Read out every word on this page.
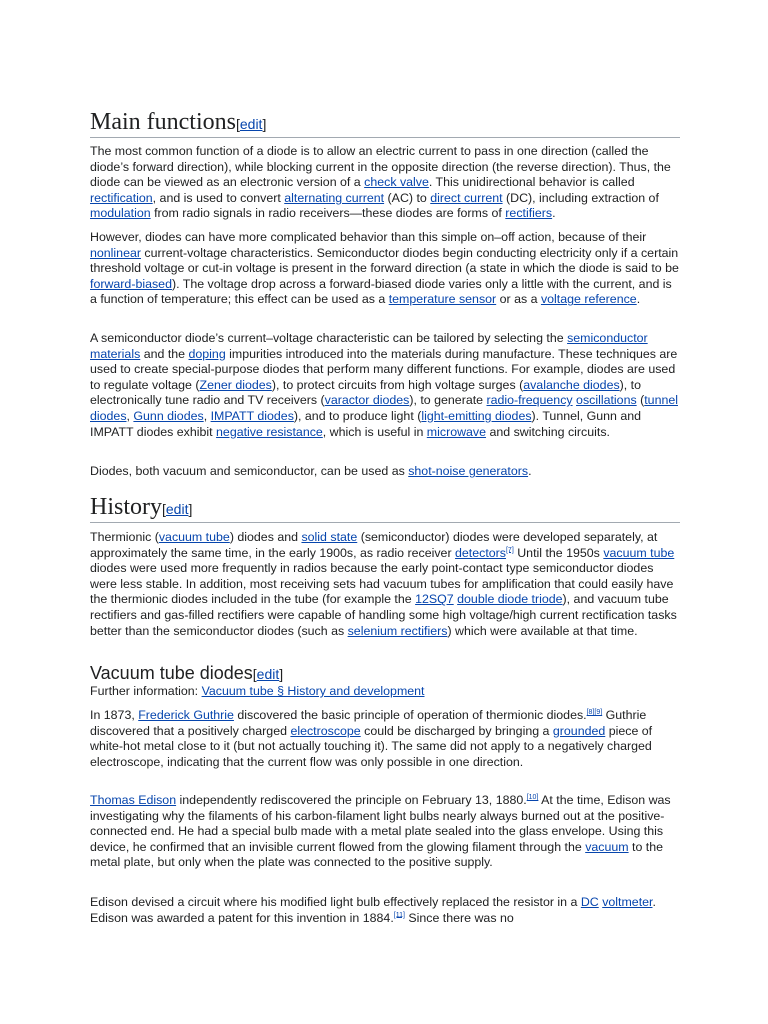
Main functions[edit]

The most common function of a diode is to allow an electric current to pass in one direction (called the diode’s forward direction), while blocking current in the opposite direction (the reverse direction). Thus, the diode can be viewed as an electronic version of a check valve. This unidirectional behavior is called rectification, and is used to convert alternating current (AC) to direct current (DC), including extraction of modulation from radio signals in radio receivers—these diodes are forms of rectifiers.

However, diodes can have more complicated behavior than this simple on–off action, because of their nonlinear current-voltage characteristics. Semiconductor diodes begin conducting electricity only if a certain threshold voltage or cut-in voltage is present in the forward direction (a state in which the diode is said to be forward-biased). The voltage drop across a forward-biased diode varies only a little with the current, and is a function of temperature; this effect can be used as a temperature sensor or as a voltage reference.

A semiconductor diode’s current–voltage characteristic can be tailored by selecting the semiconductor materials and the doping impurities introduced into the materials during manufacture. These techniques are used to create special-purpose diodes that perform many different functions. For example, diodes are used to regulate voltage (Zener diodes), to protect circuits from high voltage surges (avalanche diodes), to electronically tune radio and TV receivers (varactor diodes), to generate radio-frequency oscillations (tunnel diodes, Gunn diodes, IMPATT diodes), and to produce light (light-emitting diodes). Tunnel, Gunn and IMPATT diodes exhibit negative resistance, which is useful in microwave and switching circuits.

Diodes, both vacuum and semiconductor, can be used as shot-noise generators.

History[edit]

Thermionic (vacuum tube) diodes and solid state (semiconductor) diodes were developed separately, at approximately the same time, in the early 1900s, as radio receiver detectors[7] Until the 1950s vacuum tube diodes were used more frequently in radios because the early point-contact type semiconductor diodes were less stable. In addition, most receiving sets had vacuum tubes for amplification that could easily have the thermionic diodes included in the tube (for example the 12SQ7 double diode triode), and vacuum tube rectifiers and gas-filled rectifiers were capable of handling some high voltage/high current rectification tasks better than the semiconductor diodes (such as selenium rectifiers) which were available at that time.

Vacuum tube diodes[edit]
Further information: Vacuum tube § History and development

In 1873, Frederick Guthrie discovered the basic principle of operation of thermionic diodes.[8][9] Guthrie discovered that a positively charged electroscope could be discharged by bringing a grounded piece of white-hot metal close to it (but not actually touching it). The same did not apply to a negatively charged electroscope, indicating that the current flow was only possible in one direction.

Thomas Edison independently rediscovered the principle on February 13, 1880.[10] At the time, Edison was investigating why the filaments of his carbon-filament light bulbs nearly always burned out at the positive-connected end. He had a special bulb made with a metal plate sealed into the glass envelope. Using this device, he confirmed that an invisible current flowed from the glowing filament through the vacuum to the metal plate, but only when the plate was connected to the positive supply.

Edison devised a circuit where his modified light bulb effectively replaced the resistor in a DC voltmeter. Edison was awarded a patent for this invention in 1884.[11] Since there was no
